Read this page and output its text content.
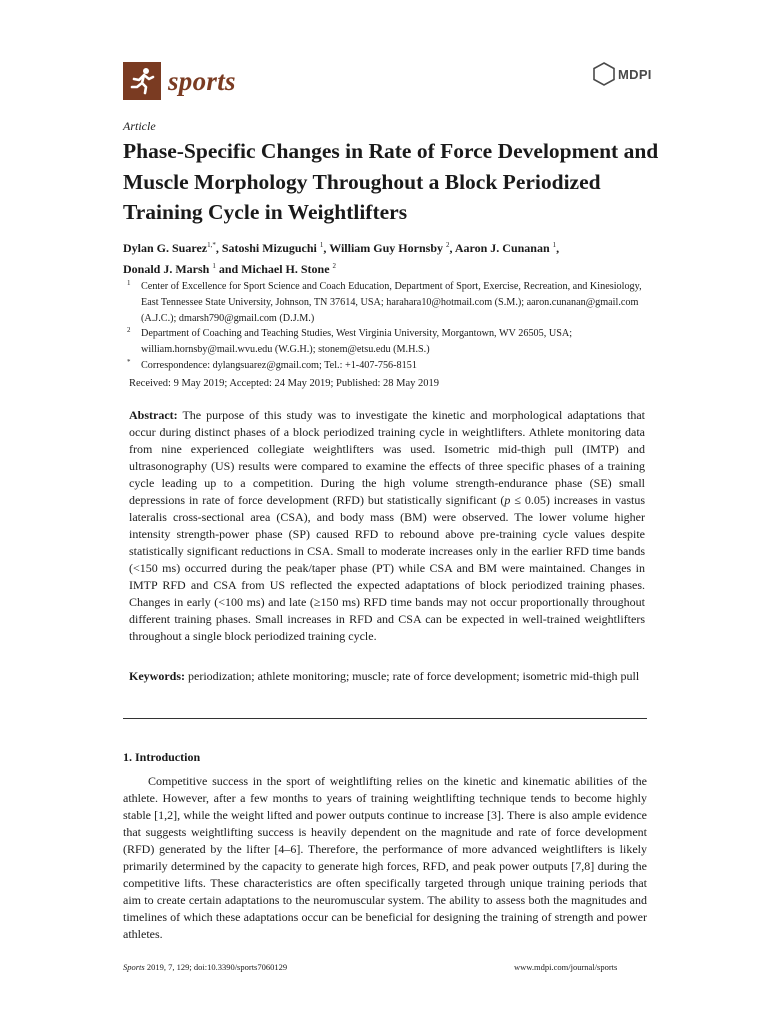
sports	MDPI
Article
Phase-Specific Changes in Rate of Force Development and Muscle Morphology Throughout a Block Periodized Training Cycle in Weightlifters
Dylan G. Suarez$^{1,*}$, Satoshi Mizuguchi $^1$, William Guy Hornsby $^2$, Aaron J. Cunanan $^1$,
Donald J. Marsh $^1$ and Michael H. Stone $^2$
1 Center of Excellence for Sport Science and Coach Education, Department of Sport, Exercise, Recreation, and Kinesiology, East Tennessee State University, Johnson, TN 37614, USA; harahara10@hotmail.com (S.M.); aaron.cunanan@gmail.com (A.J.C.); dmarsh790@gmail.com (D.J.M.)
2 Department of Coaching and Teaching Studies, West Virginia University, Morgantown, WV 26505, USA; william.hornsby@mail.wvu.edu (W.G.H.); stonem@etsu.edu (M.H.S.)
* Correspondence: dylangsuarez@gmail.com; Tel.: +1-407-756-8151
Received: 9 May 2019; Accepted: 24 May 2019; Published: 28 May 2019
Abstract: The purpose of this study was to investigate the kinetic and morphological adaptations that occur during distinct phases of a block periodized training cycle in weightlifters. Athlete monitoring data from nine experienced collegiate weightlifters was used. Isometric mid-thigh pull (IMTP) and ultrasonography (US) results were compared to examine the effects of three specific phases of a training cycle leading up to a competition. During the high volume strength-endurance phase (SE) small depressions in rate of force development (RFD) but statistically significant (p ≤ 0.05) increases in vastus lateralis cross-sectional area (CSA), and body mass (BM) were observed. The lower volume higher intensity strength-power phase (SP) caused RFD to rebound above pre-training cycle values despite statistically significant reductions in CSA. Small to moderate increases only in the earlier RFD time bands (<150 ms) occurred during the peak/taper phase (PT) while CSA and BM were maintained. Changes in IMTP RFD and CSA from US reflected the expected adaptations of block periodized training phases. Changes in early (<100 ms) and late (≥150 ms) RFD time bands may not occur proportionally throughout different training phases. Small increases in RFD and CSA can be expected in well-trained weightlifters throughout a single block periodized training cycle.
Keywords: periodization; athlete monitoring; muscle; rate of force development; isometric mid-thigh pull
1. Introduction
Competitive success in the sport of weightlifting relies on the kinetic and kinematic abilities of the athlete. However, after a few months to years of training weightlifting technique tends to become highly stable [1,2], while the weight lifted and power outputs continue to increase [3]. There is also ample evidence that suggests weightlifting success is heavily dependent on the magnitude and rate of force development (RFD) generated by the lifter [4–6]. Therefore, the performance of more advanced weightlifters is likely primarily determined by the capacity to generate high forces, RFD, and peak power outputs [7,8] during the competitive lifts. These characteristics are often specifically targeted through unique training periods that aim to create certain adaptations to the neuromuscular system. The ability to assess both the magnitudes and timelines of which these adaptations occur can be beneficial for designing the training of strength and power athletes.
Sports 2019, 7, 129; doi:10.3390/sports7060129	www.mdpi.com/journal/sports
